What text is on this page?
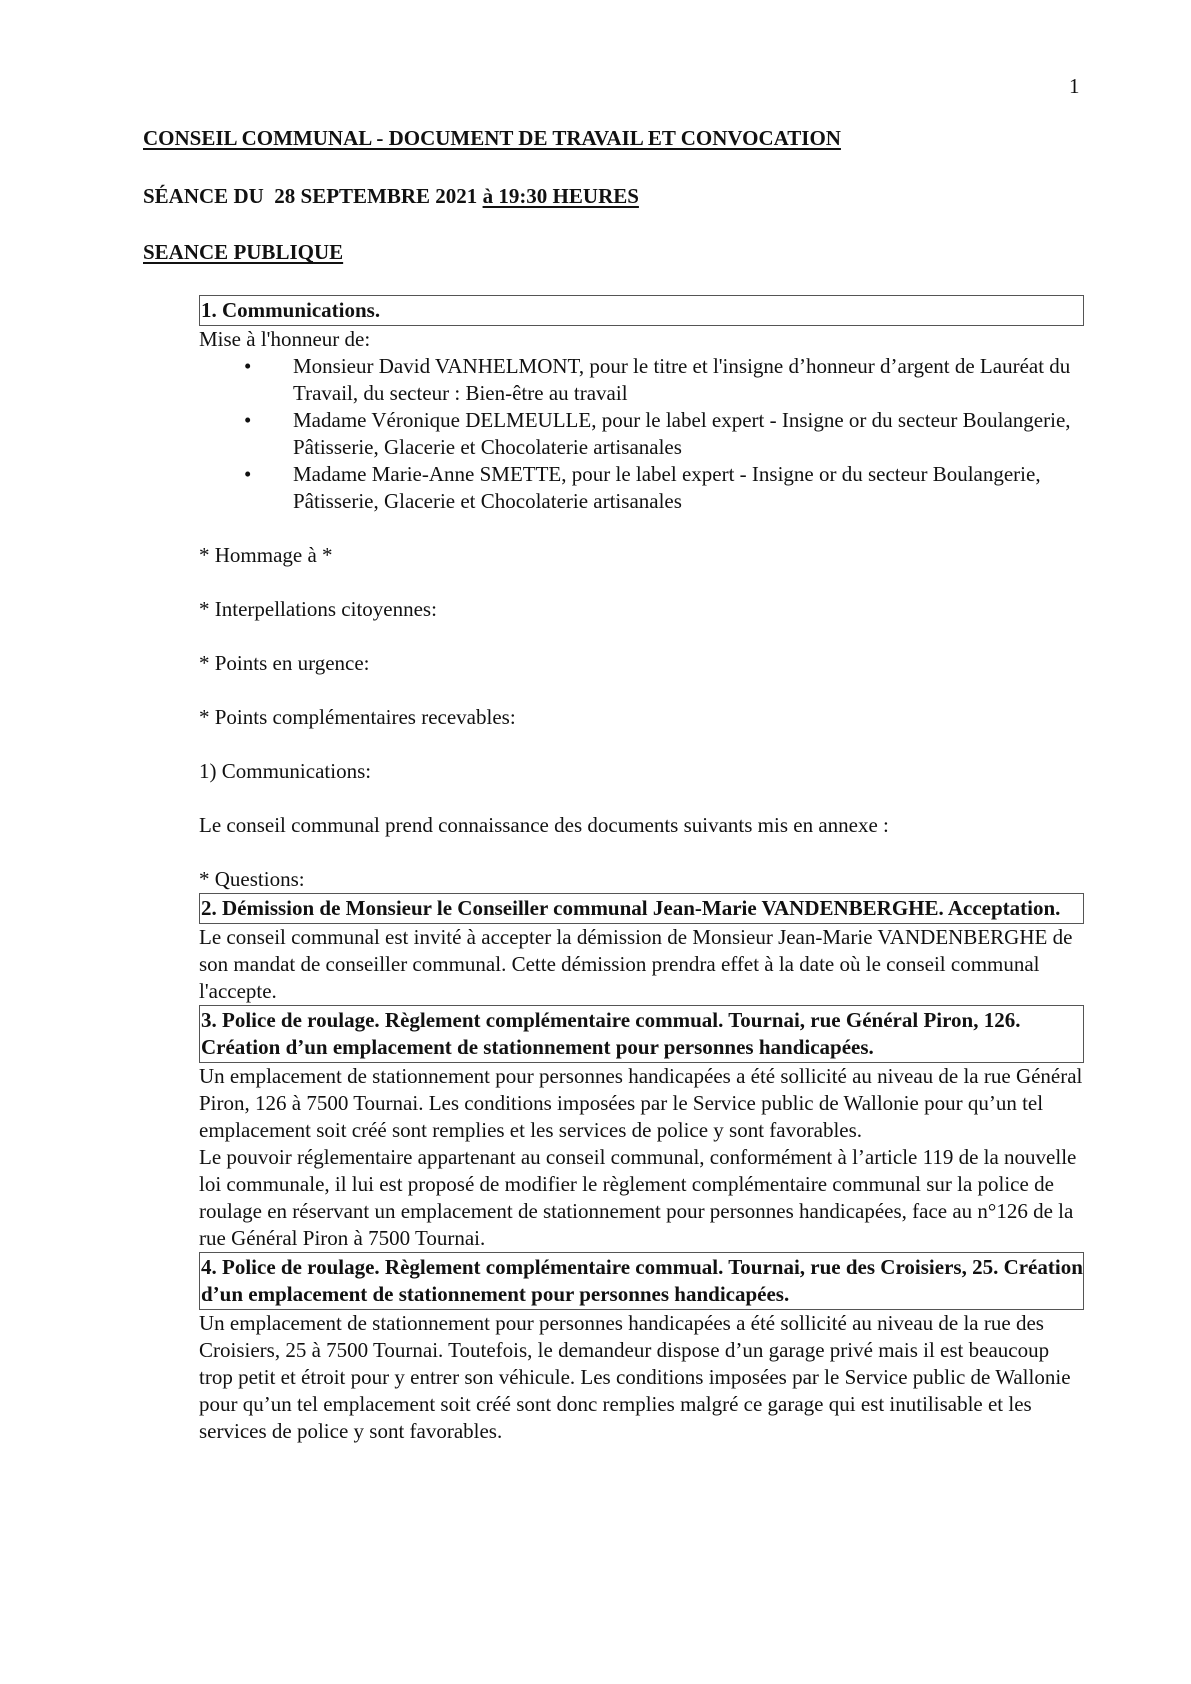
1
CONSEIL COMMUNAL - DOCUMENT DE TRAVAIL ET CONVOCATION
SÉANCE DU  28 SEPTEMBRE 2021 à 19:30 HEURES
SEANCE PUBLIQUE
1. Communications.

Mise à l'honneur de:

• Monsieur David VANHELMONT, pour le titre et l'insigne d’honneur d’argent de Lauréat du Travail, du secteur : Bien-être au travail
• Madame Véronique DELMEULLE, pour le label expert - Insigne or du secteur Boulangerie, Pâtisserie, Glacerie et Chocolaterie artisanales
• Madame Marie-Anne SMETTE, pour le label expert - Insigne or du secteur Boulangerie, Pâtisserie, Glacerie et Chocolaterie artisanales

* Hommage à *

* Interpellations citoyennes:

* Points en urgence:

* Points complémentaires recevables:

1) Communications:

Le conseil communal prend connaissance des documents suivants mis en annexe :

* Questions:

2. Démission de Monsieur le Conseiller communal Jean-Marie VANDENBERGHE. Acceptation.

Le conseil communal est invité à accepter la démission de Monsieur Jean-Marie VANDENBERGHE de son mandat de conseiller communal. Cette démission prendra effet à la date où le conseil communal l'accepte.

3. Police de roulage. Règlement complémentaire commual. Tournai, rue Général Piron, 126. Création d’un emplacement de stationnement pour personnes handicapées.

Un emplacement de stationnement pour personnes handicapées a été sollicité au niveau de la rue Général Piron, 126 à 7500 Tournai. Les conditions imposées par le Service public de Wallonie pour qu’un tel emplacement soit créé sont remplies et les services de police y sont favorables.

Le pouvoir réglementaire appartenant au conseil communal, conformément à l’article 119 de la nouvelle loi communale, il lui est proposé de modifier le règlement complémentaire communal sur la police de roulage en réservant un emplacement de stationnement pour personnes handicapées, face au n°126 de la rue Général Piron à 7500 Tournai.

4. Police de roulage. Règlement complémentaire commual. Tournai, rue des Croisiers, 25. Création d’un emplacement de stationnement pour personnes handicapées.

Un emplacement de stationnement pour personnes handicapées a été sollicité au niveau de la rue des Croisiers, 25 à 7500 Tournai. Toutefois, le demandeur dispose d’un garage privé mais il est beaucoup trop petit et étroit pour y entrer son véhicule. Les conditions imposées par le Service public de Wallonie pour qu’un tel emplacement soit créé sont donc remplies malgré ce garage qui est inutilisable et les services de police y sont favorables.
